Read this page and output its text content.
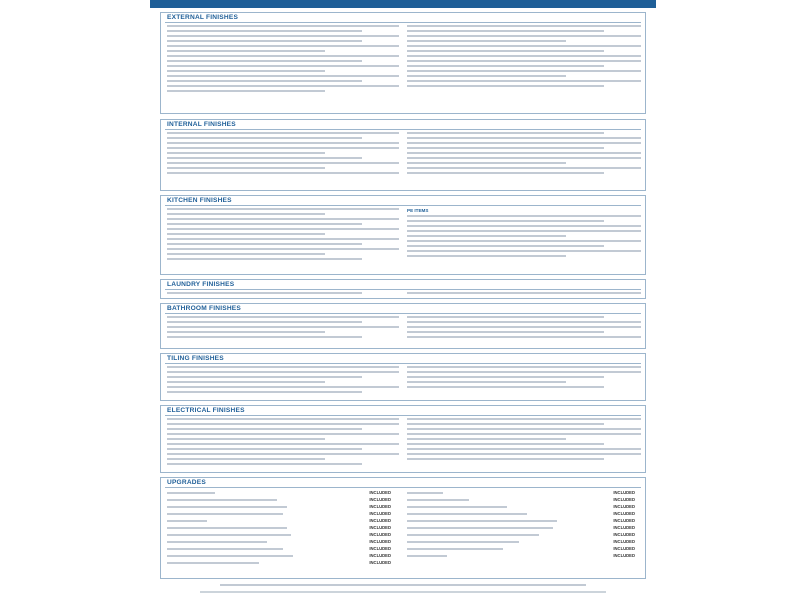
EXTERNAL FINISHES
INTERNAL FINISHES
KITCHEN FINISHES
PE ITEMS
LAUNDRY FINISHES
BATHROOM FINISHES
TILING FINISHES
ELECTRICAL FINISHES
UPGRADES
INCLUDED
INCLUDED
INCLUDED
INCLUDED
INCLUDED
INCLUDED
INCLUDED
INCLUDED
INCLUDED
INCLUDED
INCLUDED
INCLUDED
INCLUDED
INCLUDED
INCLUDED
INCLUDED
INCLUDED
INCLUDED
INCLUDED
INCLUDED
INCLUDED
